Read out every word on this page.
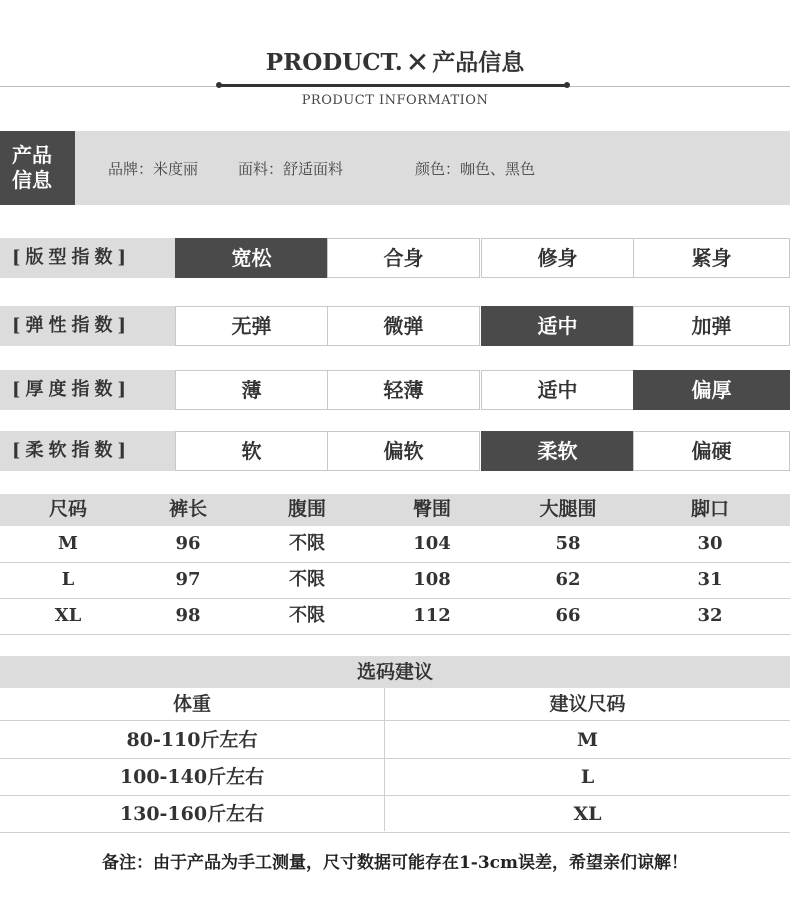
PRODUCT. ✕ 产品信息
PRODUCT INFORMATION
产品
信息	品牌：米度丽	面料：舒适面料	颜色：咖色、黑色
[版型指数]	宽松	合身	修身	紧身
[弹性指数]	无弹	微弹	适中	加弹
[厚度指数]	薄	轻薄	适中	偏厚
[柔软指数]	软	偏软	柔软	偏硬
尺码	裤长	腹围	臀围	大腿围	脚口
M	96	不限	104	58	30
L	97	不限	108	62	31
XL	98	不限	112	66	32
选码建议
体重	建议尺码
80-110斤左右	M
100-140斤左右	L
130-160斤左右	XL
备注：由于产品为手工测量，尺寸数据可能存在1-3cm误差，希望亲们谅解！
